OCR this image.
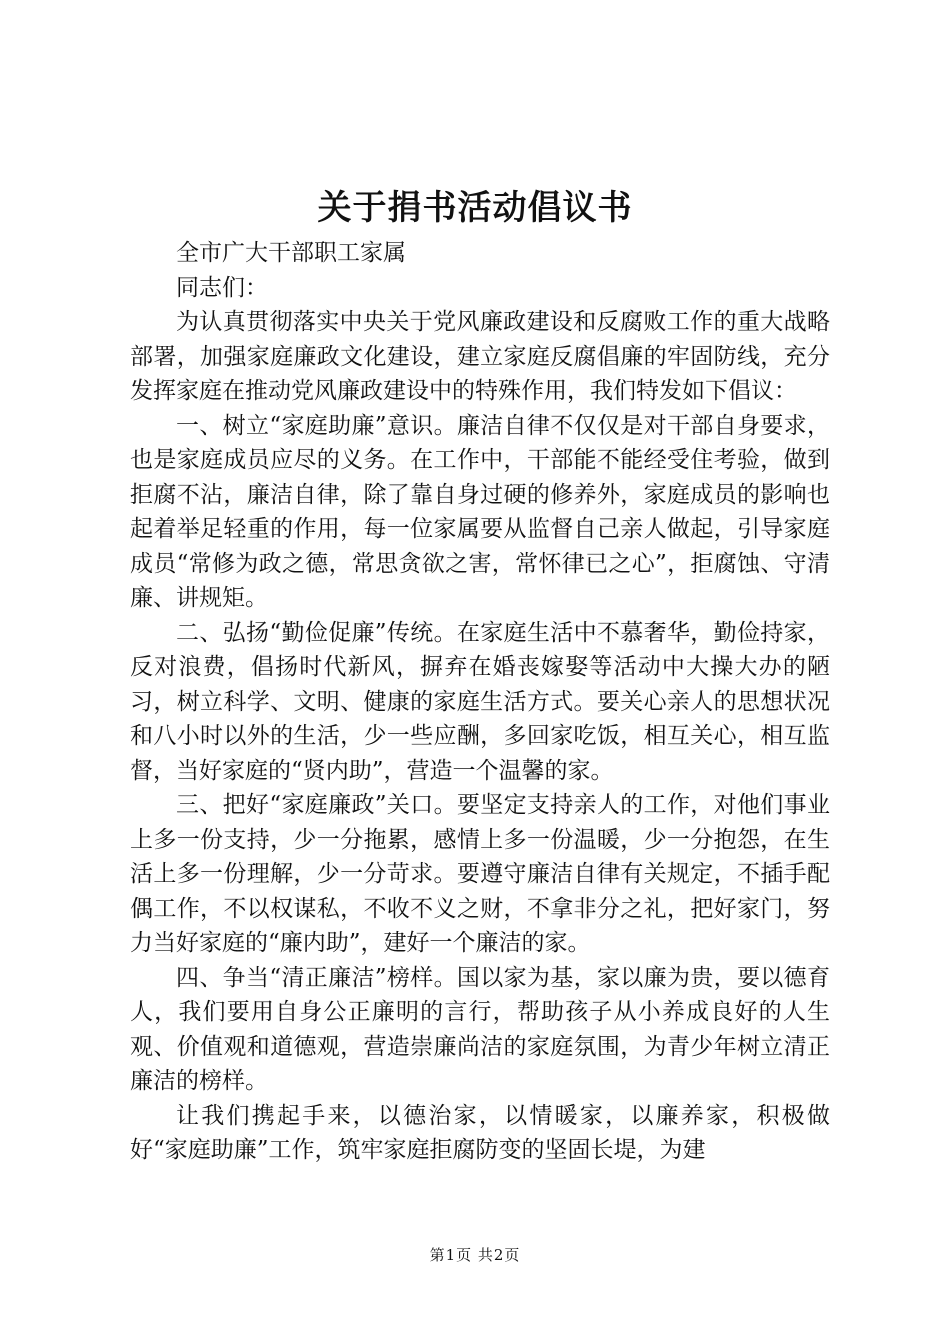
关于捐书活动倡议书

全市广大干部职工家属

同志们：

为认真贯彻落实中央关于党风廉政建设和反腐败工作的重大战略部署，加强家庭廉政文化建设，建立家庭反腐倡廉的牢固防线，充分发挥家庭在推动党风廉政建设中的特殊作用，我们特发如下倡议：

一、树立“家庭助廉”意识。廉洁自律不仅仅是对干部自身要求，也是家庭成员应尽的义务。在工作中，干部能不能经受住考验，做到拒腐不沾，廉洁自律，除了靠自身过硬的修养外，家庭成员的影响也起着举足轻重的作用，每一位家属要从监督自己亲人做起，引导家庭成员“常修为政之德，常思贪欲之害，常怀律已之心”，拒腐蚀、守清廉、讲规矩。

二、弘扬“勤俭促廉”传统。在家庭生活中不慕奢华，勤俭持家，反对浪费，倡扬时代新风，摒弃在婚丧嫁娶等活动中大操大办的陋习，树立科学、文明、健康的家庭生活方式。要关心亲人的思想状况和八小时以外的生活，少一些应酬，多回家吃饭，相互关心，相互监督，当好家庭的“贤内助”，营造一个温馨的家。

三、把好“家庭廉政”关口。要坚定支持亲人的工作，对他们事业上多一份支持，少一分拖累，感情上多一份温暖，少一分抱怨，在生活上多一份理解，少一分苛求。要遵守廉洁自律有关规定，不插手配偶工作，不以权谋私，不收不义之财，不拿非分之礼，把好家门，努力当好家庭的“廉内助”，建好一个廉洁的家。

四、争当“清正廉洁”榜样。国以家为基，家以廉为贵，要以德育人，我们要用自身公正廉明的言行，帮助孩子从小养成良好的人生观、价值观和道德观，营造崇廉尚洁的家庭氛围，为青少年树立清正廉洁的榜样。

让我们携起手来，以德治家，以情暖家，以廉养家，积极做好“家庭助廉”工作，筑牢家庭拒腐防变的坚固长堤，为建

第1页 共2页
